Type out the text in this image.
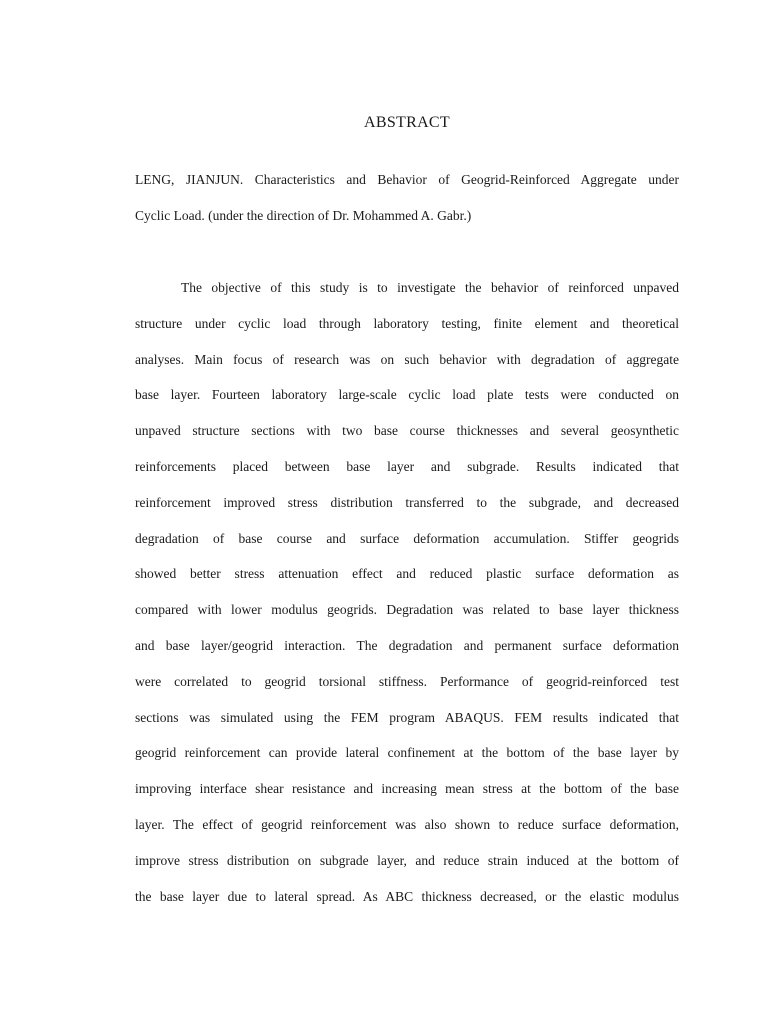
ABSTRACT

LENG, JIANJUN. Characteristics and Behavior of Geogrid-Reinforced Aggregate under
Cyclic Load. (under the direction of Dr. Mohammed A. Gabr.)

The objective of this study is to investigate the behavior of reinforced unpaved
structure under cyclic load through laboratory testing, finite element and theoretical
analyses. Main focus of research was on such behavior with degradation of aggregate
base layer. Fourteen laboratory large-scale cyclic load plate tests were conducted on
unpaved structure sections with two base course thicknesses and several geosynthetic
reinforcements placed between base layer and subgrade. Results indicated that
reinforcement improved stress distribution transferred to the subgrade, and decreased
degradation of base course and surface deformation accumulation. Stiffer geogrids
showed better stress attenuation effect and reduced plastic surface deformation as
compared with lower modulus geogrids. Degradation was related to base layer thickness
and base layer/geogrid interaction. The degradation and permanent surface deformation
were correlated to geogrid torsional stiffness. Performance of geogrid-reinforced test
sections was simulated using the FEM program ABAQUS. FEM results indicated that
geogrid reinforcement can provide lateral confinement at the bottom of the base layer by
improving interface shear resistance and increasing mean stress at the bottom of the base
layer. The effect of geogrid reinforcement was also shown to reduce surface deformation,
improve stress distribution on subgrade layer, and reduce strain induced at the bottom of
the base layer due to lateral spread. As ABC thickness decreased, or the elastic modulus
